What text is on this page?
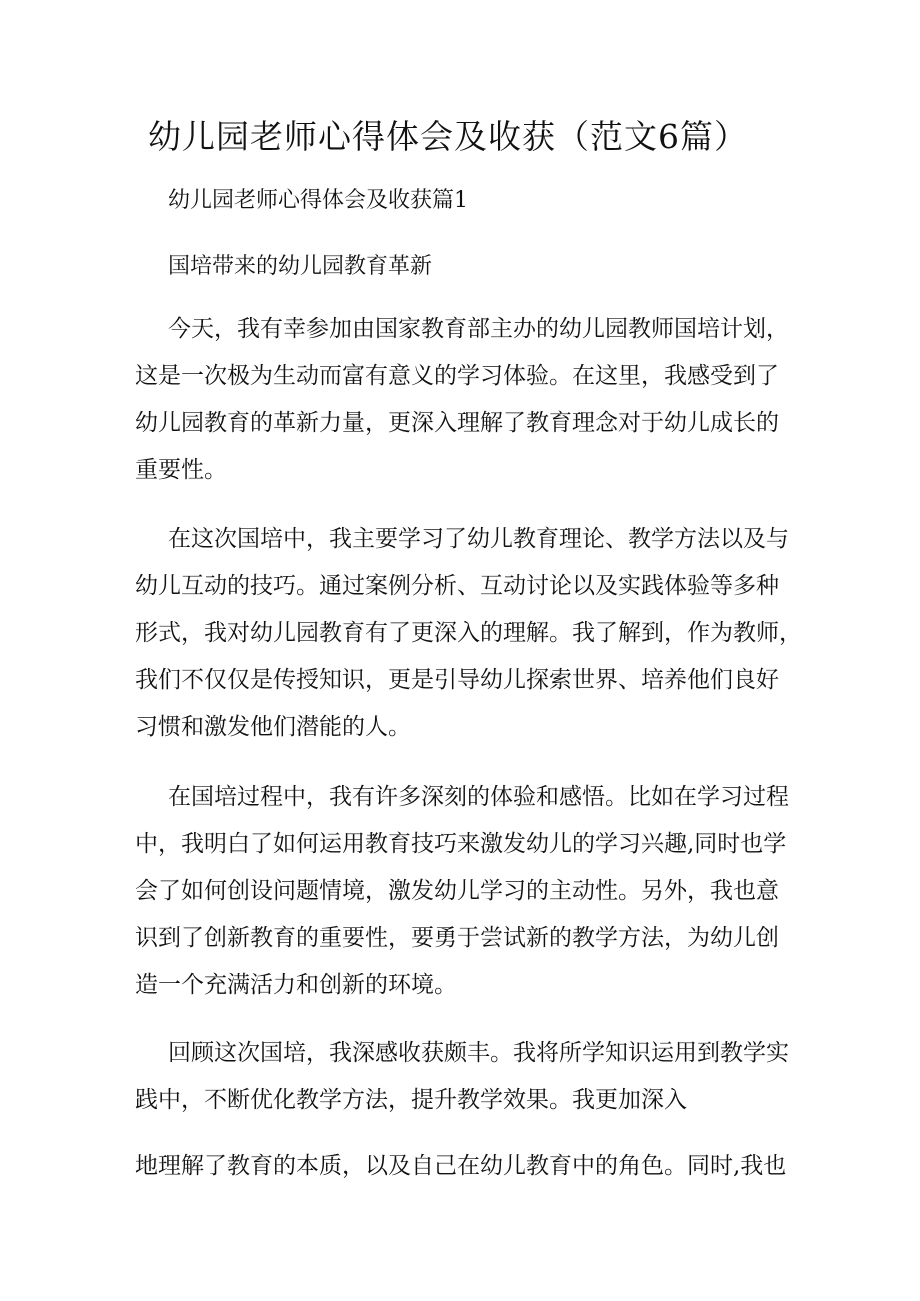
幼儿园老师心得体会及收获（范文6篇）
幼儿园老师心得体会及收获篇1
国培带来的幼儿园教育革新
今天，我有幸参加由国家教育部主办的幼儿园教师国培计划，
这是一次极为生动而富有意义的学习体验。在这里，我感受到了
幼儿园教育的革新力量，更深入理解了教育理念对于幼儿成长的
重要性。
在这次国培中，我主要学习了幼儿教育理论、教学方法以及与
幼儿互动的技巧。通过案例分析、互动讨论以及实践体验等多种
形式，我对幼儿园教育有了更深入的理解。我了解到，作为教师，
我们不仅仅是传授知识，更是引导幼儿探索世界、培养他们良好
习惯和激发他们潜能的人。
在国培过程中，我有许多深刻的体验和感悟。比如在学习过程
中，我明白了如何运用教育技巧来激发幼儿的学习兴趣,同时也学
会了如何创设问题情境，激发幼儿学习的主动性。另外，我也意
识到了创新教育的重要性，要勇于尝试新的教学方法，为幼儿创
造一个充满活力和创新的环境。
回顾这次国培，我深感收获颇丰。我将所学知识运用到教学实
践中，不断优化教学方法，提升教学效果。我更加深入
地理解了教育的本质，以及自己在幼儿教育中的角色。同时,我也
